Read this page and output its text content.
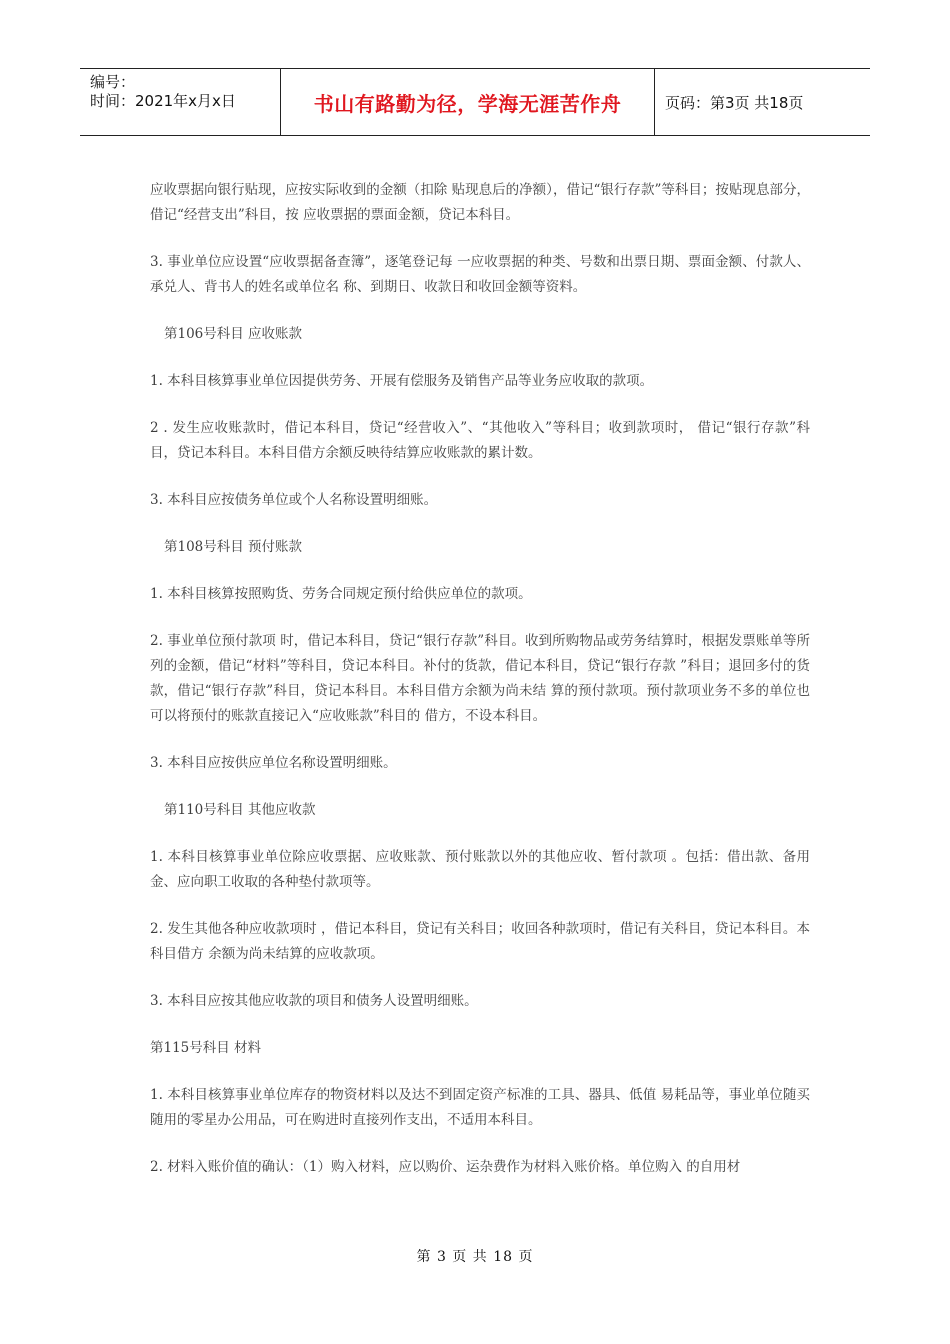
编号：
时间：2021年x月x日	书山有路勤为径，学海无涯苦作舟	页码：第3页 共18页

应收票据向银行贴现，应按实际收到的金额（扣除 贴现息后的净额），借记“银行存款”等科目；按贴现息部分，借记“经营支出”科目，按 应收票据的票面金额，贷记本科目。

3. 事业单位应设置“应收票据备查簿”，逐笔登记每 一应收票据的种类、号数和出票日期、票面金额、付款人、承兑人、背书人的姓名或单位名 称、到期日、收款日和收回金额等资料。

第106号科目 应收账款

1. 本科目核算事业单位因提供劳务、开展有偿服务及销售产品等业务应收取的款项。

2 . 发生应收账款时，借记本科目，贷记“经营收入”、“其他收入”等科目；收到款项时， 借记“银行存款”科目，贷记本科目。本科目借方余额反映待结算应收账款的累计数。

3. 本科目应按债务单位或个人名称设置明细账。

第108号科目 预付账款

1. 本科目核算按照购货、劳务合同规定预付给供应单位的款项。

2. 事业单位预付款项 时，借记本科目，贷记“银行存款”科目。收到所购物品或劳务结算时，根据发票账单等所 列的金额，借记“材料”等科目，贷记本科目。补付的货款，借记本科目，贷记“银行存款 ”科目；退回多付的货款，借记“银行存款”科目，贷记本科目。本科目借方余额为尚未结 算的预付款项。预付款项业务不多的单位也可以将预付的账款直接记入“应收账款”科目的 借方，不设本科目。

3. 本科目应按供应单位名称设置明细账。

第110号科目 其他应收款

1. 本科目核算事业单位除应收票据、应收账款、预付账款以外的其他应收、暂付款项 。包括：借出款、备用金、应向职工收取的各种垫付款项等。

2. 发生其他各种应收款项时 ，借记本科目，贷记有关科目；收回各种款项时，借记有关科目，贷记本科目。本科目借方 余额为尚未结算的应收款项。

3. 本科目应按其他应收款的项目和债务人设置明细账。

第115号科目 材料

1. 本科目核算事业单位库存的物资材料以及达不到固定资产标准的工具、器具、低值 易耗品等，事业单位随买随用的零星办公用品，可在购进时直接列作支出，不适用本科目。

2. 材料入账价值的确认：（1）购入材料，应以购价、运杂费作为材料入账价格。单位购入 的自用材

第 3 页 共 18 页
